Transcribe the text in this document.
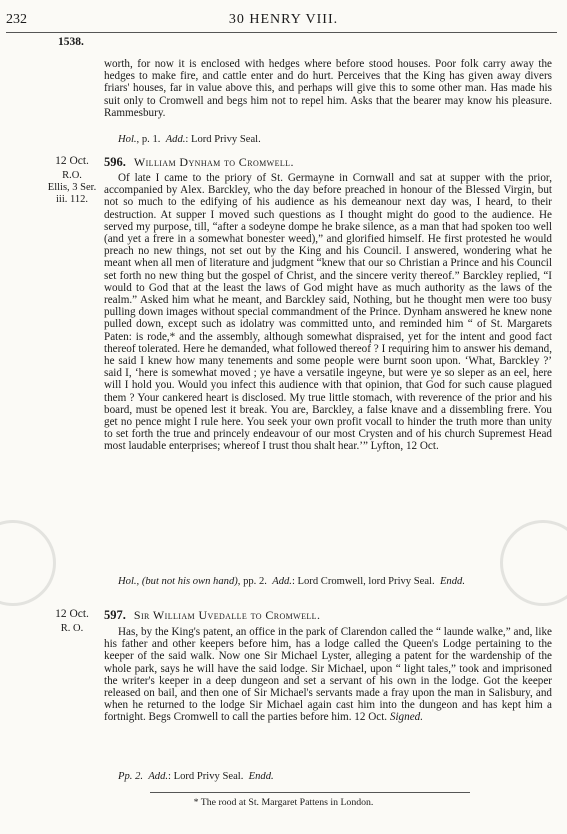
232	30 HENRY VIII.
1538.
worth, for now it is enclosed with hedges where before stood houses. Poor folk carry away the hedges to make fire, and cattle enter and do hurt. Perceives that the King has given away divers friars' houses, far in value above this, and perhaps will give this to some other man. Has made his suit only to Cromwell and begs him not to repel him. Asks that the bearer may know his pleasure. Rammesbury.
Hol., p. 1. Add.: Lord Privy Seal.
12 Oct.
R.O.
Ellis, 3 Ser.
iii. 112.
596. William Dynham to Cromwell.
Of late I came to the priory of St. Germayne in Cornwall and sat at supper with the prior, accompanied by Alex. Barckley, who the day before preached in honour of the Blessed Virgin, but not so much to the edifying of his audience as his demeanour next day was, I heard, to their destruction. At supper I moved such questions as I thought might do good to the audience. He served my purpose, till, “after a sodeyne dompe he brake silence, as a man that had spoken too well (and yet a frere in a somewhat bonester weed),” and glorified himself. He first protested he would preach no new things, not set out by the King and his Council. I answered, wondering what he meant when all men of literature and judgment “knew that our so Christian a Prince and his Council set forth no new thing but the gospel of Christ, and the sincere verity thereof.” Barckley replied, “I would to God that at the least the laws of God might have as much authority as the laws of the realm.” Asked him what he meant, and Barckley said, Nothing, but he thought men were too busy pulling down images without special commandment of the Prince. Dynham answered he knew none pulled down, except such as idolatry was committed unto, and reminded him “ of St. Margarets Paten: is rode,* and the assembly, although somewhat dispraised, yet for the intent and good fact thereof tolerated. Here he demanded, what followed thereof ? I requiring him to answer his demand, he said I knew how many tenements and some people were burnt soon upon. ‘What, Barckley ?’ said I, ‘here is somewhat moved ; ye have a versatile ingeyne, but were ye so sleper as an eel, here will I hold you. Would you infect this audience with that opinion, that God for such cause plagued them ? Your cankered heart is disclosed. My true little stomach, with reverence of the prior and his board, must be opened lest it break. You are, Barckley, a false knave and a dissembling frere. You get no pence might I rule here. You seek your own profit vocall to hinder the truth more than unity to set forth the true and princely endeavour of our most Crysten and of his church Supremest Head most laudable enterprises; whereof I trust thou shalt hear.’” Lyfton, 12 Oct.
Hol., (but not his own hand), pp. 2. Add.: Lord Cromwell, lord Privy Seal. Endd.
12 Oct.
R. O.
597. Sir William Uvedalle to Cromwell.
Has, by the King's patent, an office in the park of Clarendon called the “ launde walke,” and, like his father and other keepers before him, has a lodge called the Queen's Lodge pertaining to the keeper of the said walk. Now one Sir Michael Lyster, alleging a patent for the wardenship of the whole park, says he will have the said lodge. Sir Michael, upon “ light tales,” took and imprisoned the writer's keeper in a deep dungeon and set a servant of his own in the lodge. Got the keeper released on bail, and then one of Sir Michael's servants made a fray upon the man in Salisbury, and when he returned to the lodge Sir Michael again cast him into the dungeon and has kept him a fortnight. Begs Cromwell to call the parties before him. 12 Oct. Signed.
Pp. 2. Add.: Lord Privy Seal. Endd.
* The rood at St. Margaret Pattens in London.
